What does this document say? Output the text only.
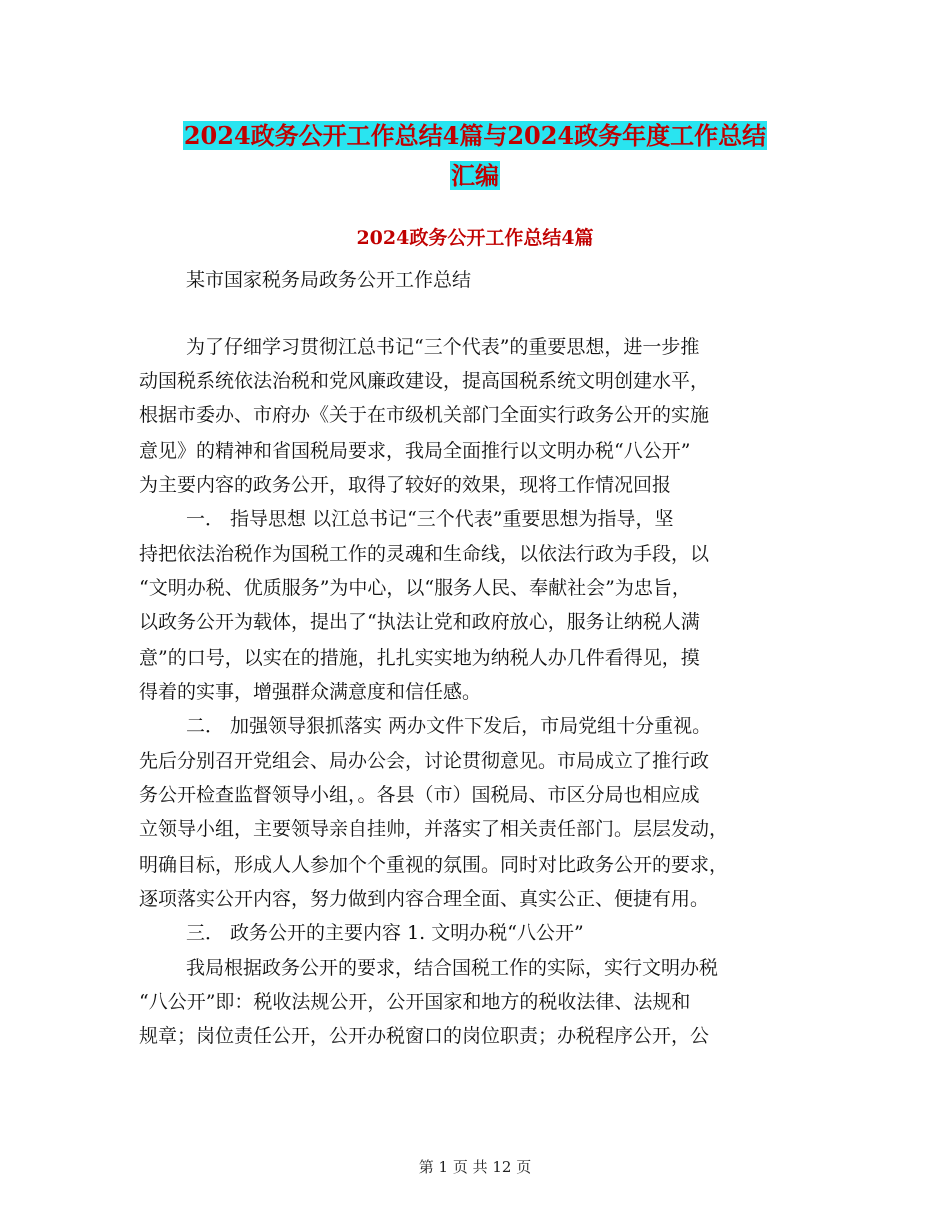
2024政务公开工作总结4篇与2024政务年度工作总结
汇编
2024政务公开工作总结4篇
某市国家税务局政务公开工作总结
为了仔细学习贯彻江总书记“三个代表”的重要思想，进一步推
动国税系统依法治税和党风廉政建设，提高国税系统文明创建水平，
根据市委办、市府办《关于在市级机关部门全面实行政务公开的实施
意见》的精神和省国税局要求，我局全面推行以文明办税“八公开”
为主要内容的政务公开，取得了较好的效果，现将工作情况回报
一． 指导思想 以江总书记“三个代表”重要思想为指导，坚
持把依法治税作为国税工作的灵魂和生命线，以依法行政为手段，以
“文明办税、优质服务”为中心，以“服务人民、奉献社会”为忠旨，
以政务公开为载体，提出了“执法让党和政府放心，服务让纳税人满
意”的口号，以实在的措施，扎扎实实地为纳税人办几件看得见，摸
得着的实事，增强群众满意度和信任感。
二． 加强领导狠抓落实 两办文件下发后，市局党组十分重视。
先后分别召开党组会、局办公会，讨论贯彻意见。市局成立了推行政
务公开检查监督领导小组，。各县（市）国税局、市区分局也相应成
立领导小组，主要领导亲自挂帅，并落实了相关责任部门。层层发动，
明确目标，形成人人参加个个重视的氛围。同时对比政务公开的要求，
逐项落实公开内容，努力做到内容合理全面、真实公正、便捷有用。
三． 政务公开的主要内容 1. 文明办税“八公开”
我局根据政务公开的要求，结合国税工作的实际，实行文明办税
“八公开”即：税收法规公开，公开国家和地方的税收法律、法规和
规章；岗位责任公开，公开办税窗口的岗位职责；办税程序公开，公
第 1 页 共 12 页
